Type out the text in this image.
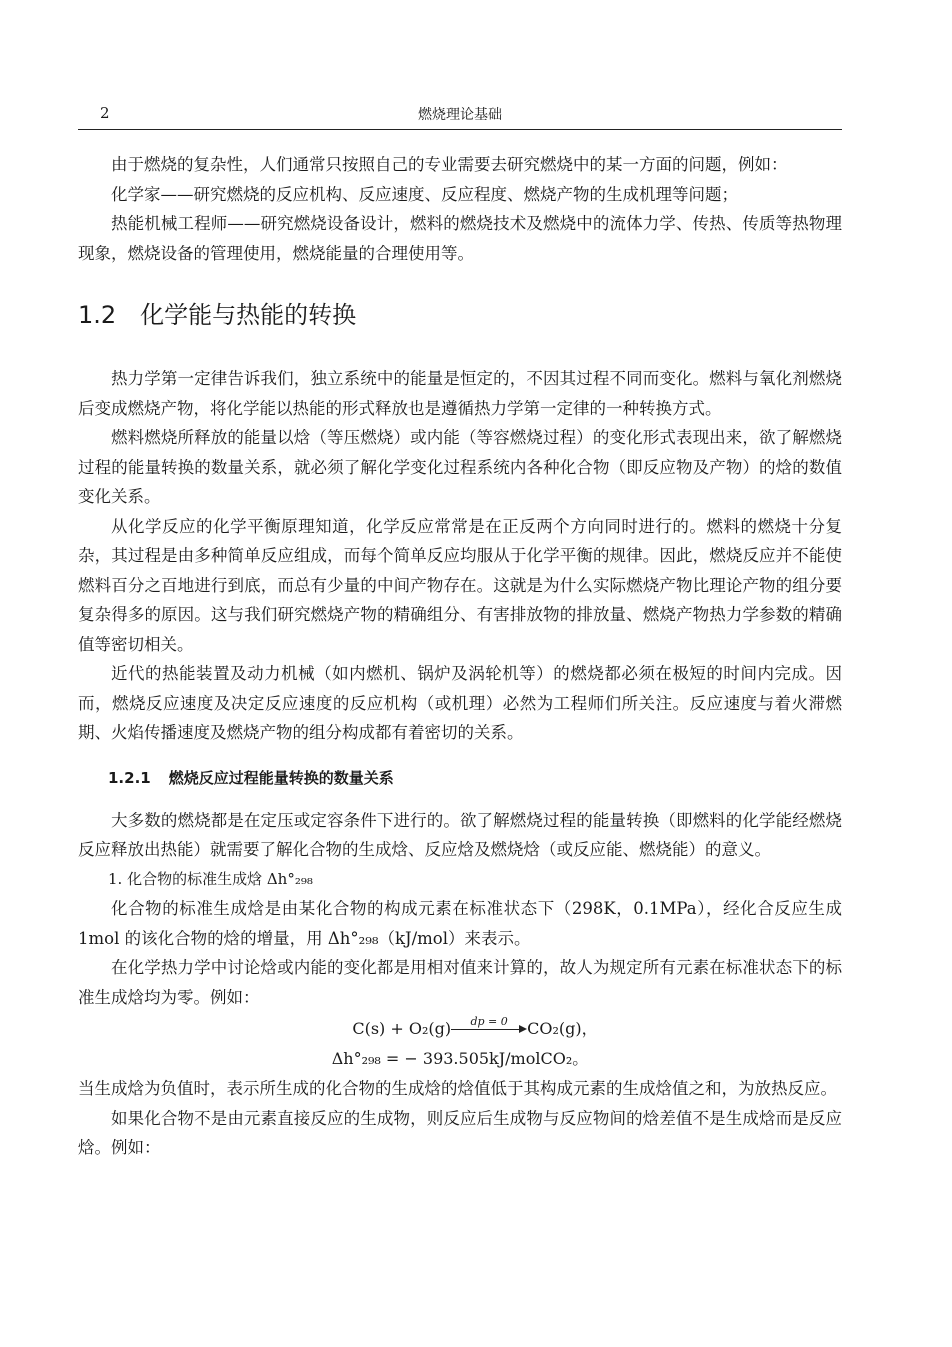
2	燃烧理论基础

由于燃烧的复杂性，人们通常只按照自己的专业需要去研究燃烧中的某一方面的问题，例如：

化学家——研究燃烧的反应机构、反应速度、反应程度、燃烧产物的生成机理等问题；

热能机械工程师——研究燃烧设备设计，燃料的燃烧技术及燃烧中的流体力学、传热、传质等热物理现象，燃烧设备的管理使用，燃烧能量的合理使用等。

1.2 化学能与热能的转换

热力学第一定律告诉我们，独立系统中的能量是恒定的，不因其过程不同而变化。燃料与氧化剂燃烧后变成燃烧产物，将化学能以热能的形式释放也是遵循热力学第一定律的一种转换方式。

燃料燃烧所释放的能量以焓（等压燃烧）或内能（等容燃烧过程）的变化形式表现出来，欲了解燃烧过程的能量转换的数量关系，就必须了解化学变化过程系统内各种化合物（即反应物及产物）的焓的数值变化关系。

从化学反应的化学平衡原理知道，化学反应常常是在正反两个方向同时进行的。燃料的燃烧十分复杂，其过程是由多种简单反应组成，而每个简单反应均服从于化学平衡的规律。因此，燃烧反应并不能使燃料百分之百地进行到底，而总有少量的中间产物存在。这就是为什么实际燃烧产物比理论产物的组分要复杂得多的原因。这与我们研究燃烧产物的精确组分、有害排放物的排放量、燃烧产物热力学参数的精确值等密切相关。

近代的热能装置及动力机械（如内燃机、锅炉及涡轮机等）的燃烧都必须在极短的时间内完成。因而，燃烧反应速度及决定反应速度的反应机构（或机理）必然为工程师们所关注。反应速度与着火滞燃期、火焰传播速度及燃烧产物的组分构成都有着密切的关系。

1.2.1 燃烧反应过程能量转换的数量关系

大多数的燃烧都是在定压或定容条件下进行的。欲了解燃烧过程的能量转换（即燃料的化学能经燃烧反应释放出热能）就需要了解化合物的生成焓、反应焓及燃烧焓（或反应能、燃烧能）的意义。

1. 化合物的标准生成焓 Δh°₂₉₈

化合物的标准生成焓是由某化合物的构成元素在标准状态下（298K，0.1MPa），经化合反应生成 1mol 的该化合物的焓的增量，用 Δh°₂₉₈（kJ/mol）来表示。

在化学热力学中讨论焓或内能的变化都是用相对值来计算的，故人为规定所有元素在标准状态下的标准生成焓均为零。例如：

C(s) + O₂(g)	dp = 0	CO₂(g)，
Δh°₂₉₈ = − 393.505kJ/molCO₂。

当生成焓为负值时，表示所生成的化合物的生成焓的焓值低于其构成元素的生成焓值之和，为放热反应。

如果化合物不是由元素直接反应的生成物，则反应后生成物与反应物间的焓差值不是生成焓而是反应焓。例如：
